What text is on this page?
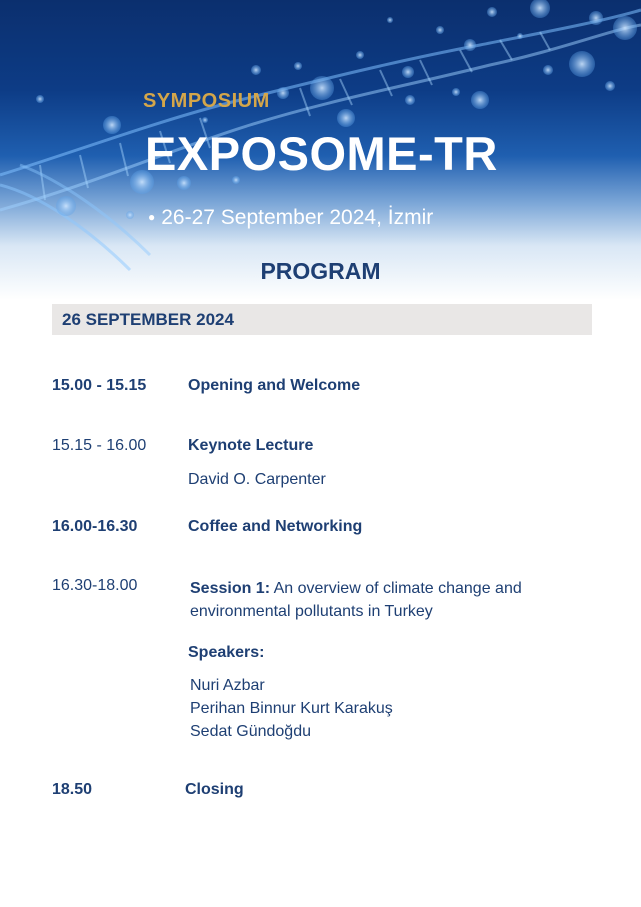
SYMPOSIUM
EXPOSOME-TR
● 26-27 September 2024, İzmir
PROGRAM
26 SEPTEMBER 2024
15.00 - 15.15	Opening and Welcome
15.15 - 16.00	Keynote Lecture
David O. Carpenter
16.00-16.30	Coffee and Networking
16.30-18.00	Session 1: An overview of climate change and
environmental pollutants in Turkey
Speakers:
Nuri Azbar
Perihan Binnur Kurt Karakuş
Sedat Gündoğdu
18.50	Closing
